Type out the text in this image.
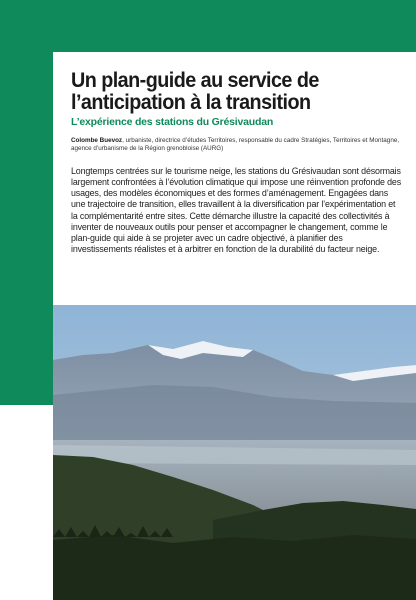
Un plan-guide au service de
l’anticipation à la transition

L’expérience des stations du Grésivaudan

Colombe Buevoz, urbaniste, directrice d’études Territoires, responsable du cadre Stratégies, Territoires et Montagne, agence d’urbanisme de la Région grenobloise (AURG)

Longtemps centrées sur le tourisme neige, les stations du Grésivaudan sont désormais largement confrontées à l’évolution climatique qui impose une réinvention profonde des usages, des modèles économiques et des formes d’aménagement. Engagées dans une trajectoire de transition, elles travaillent à la diversification par l’expérimentation et la complémentarité entre sites. Cette démarche illustre la capacité des collectivités à inventer de nouveaux outils pour penser et accompagner le changement, comme le plan-guide qui aide à se projeter avec un cadre objectivé, à planifier des investissements réalistes et à arbitrer en fonction de la durabilité du facteur neige.
